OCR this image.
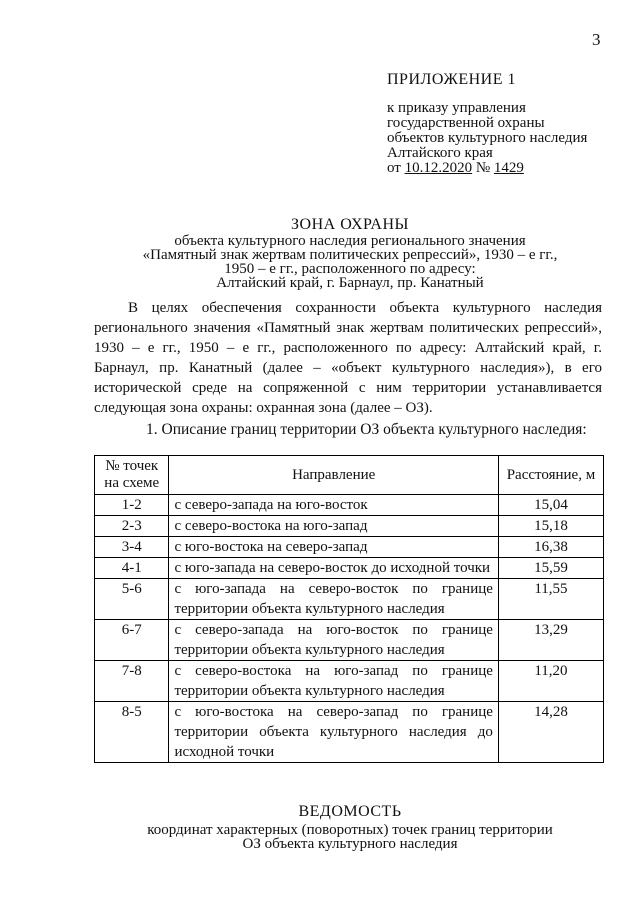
3
ПРИЛОЖЕНИЕ 1
к приказу управления
государственной охраны
объектов культурного наследия
Алтайского края
от 10.12.2020 № 1429
ЗОНА ОХРАНЫ
объекта культурного наследия регионального значения
«Памятный знак жертвам политических репрессий», 1930 – е гг.,
1950 – е гг., расположенного по адресу:
Алтайский край, г. Барнаул, пр. Канатный
В целях обеспечения сохранности объекта культурного наследия регионального значения «Памятный знак жертвам политических репрессий», 1930 – е гг., 1950 – е гг., расположенного по адресу: Алтайский край, г. Барнаул, пр. Канатный (далее – «объект культурного наследия»), в его исторической среде на сопряженной с ним территории устанавливается следующая зона охраны: охранная зона (далее – ОЗ).
1. Описание границ территории ОЗ объекта культурного наследия:
№ точек на схеме	Направление	Расстояние, м
1-2	с северо-запада на юго-восток	15,04
2-3	с северо-востока на юго-запад	15,18
3-4	с юго-востока на северо-запад	16,38
4-1	с юго-запада на северо-восток до исходной точки	15,59
5-6	с юго-запада на северо-восток по границе территории объекта культурного наследия	11,55
6-7	с северо-запада на юго-восток по границе территории объекта культурного наследия	13,29
7-8	с северо-востока на юго-запад по границе территории объекта культурного наследия	11,20
8-5	с юго-востока на северо-запад по границе территории объекта культурного наследия до исходной точки	14,28
ВЕДОМОСТЬ
координат характерных (поворотных) точек границ территории
ОЗ объекта культурного наследия
